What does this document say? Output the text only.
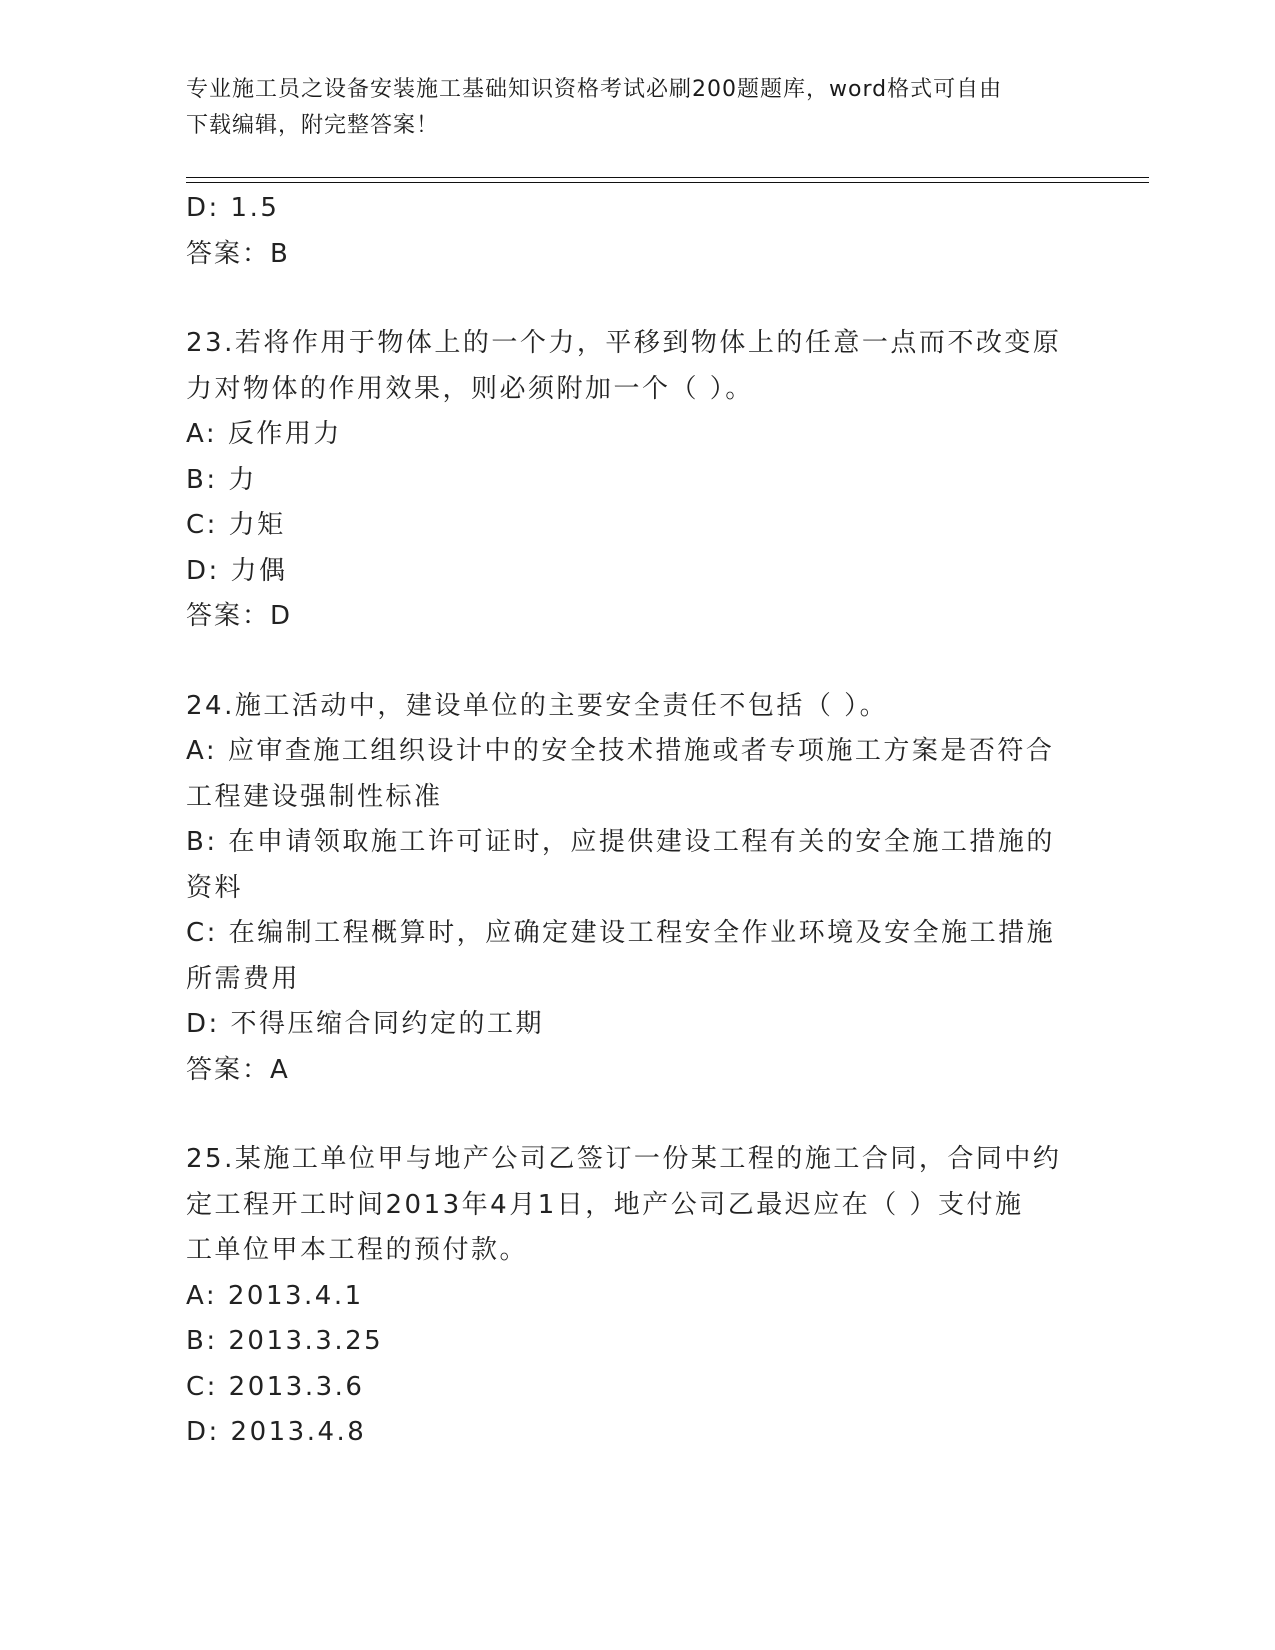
专业施工员之设备安装施工基础知识资格考试必刷200题题库，word格式可自由
下载编辑，附完整答案！
D: 1.5
答案：B
23.若将作用于物体上的一个力，平移到物体上的任意一点而不改变原
力对物体的作用效果，则必须附加一个（ ）。
A: 反作用力
B: 力
C: 力矩
D: 力偶
答案：D
24.施工活动中，建设单位的主要安全责任不包括（ ）。
A: 应审查施工组织设计中的安全技术措施或者专项施工方案是否符合
工程建设强制性标准
B: 在申请领取施工许可证时，应提供建设工程有关的安全施工措施的
资料
C: 在编制工程概算时，应确定建设工程安全作业环境及安全施工措施
所需费用
D: 不得压缩合同约定的工期
答案：A
25.某施工单位甲与地产公司乙签订一份某工程的施工合同，合同中约
定工程开工时间2013年4月1日，地产公司乙最迟应在（ ）支付施
工单位甲本工程的预付款。
A: 2013.4.1
B: 2013.3.25
C: 2013.3.6
D: 2013.4.8
